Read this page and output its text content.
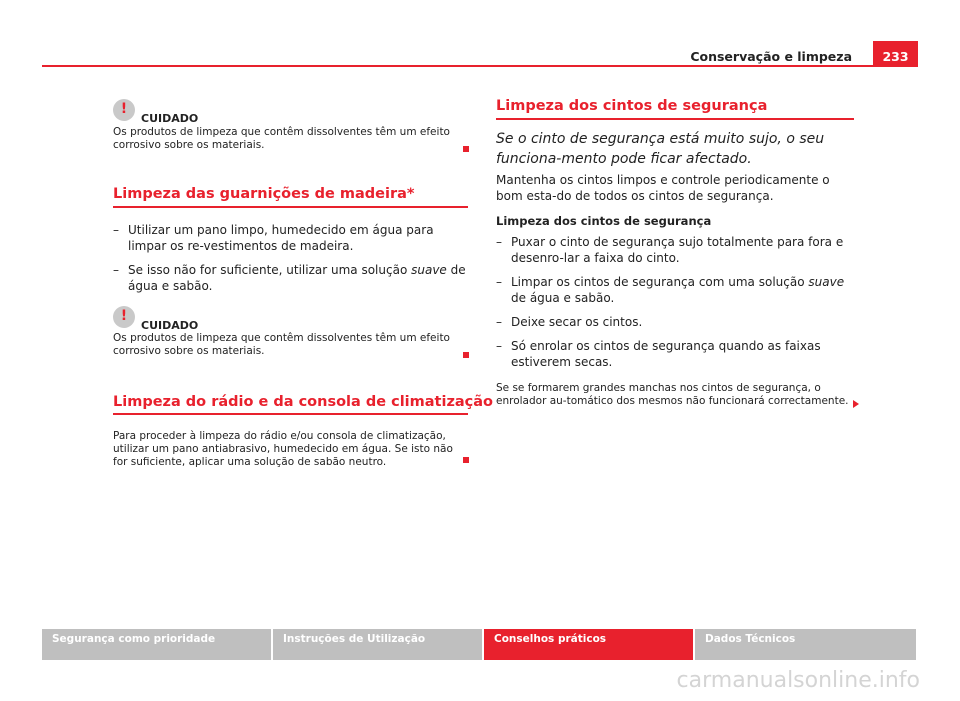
Conservação e limpeza	233
!
CUIDADO
Os produtos de limpeza que contêm dissolventes têm um efeito corrosivo sobre os materiais.
Limpeza das guarnições de madeira*
– Utilizar um pano limpo, humedecido em água para limpar os re-vestimentos de madeira.
– Se isso não for suficiente, utilizar uma solução suave de água e sabão.
!
CUIDADO
Os produtos de limpeza que contêm dissolventes têm um efeito corrosivo sobre os materiais.
Limpeza do rádio e da consola de climatização
Para proceder à limpeza do rádio e/ou consola de climatização, utilizar um pano antiabrasivo, humedecido em água. Se isto não for suficiente, aplicar uma solução de sabão neutro.
Limpeza dos cintos de segurança
Se o cinto de segurança está muito sujo, o seu funciona-mento pode ficar afectado.
Mantenha os cintos limpos e controle periodicamente o bom esta-do de todos os cintos de segurança.
Limpeza dos cintos de segurança
– Puxar o cinto de segurança sujo totalmente para fora e desenro-lar a faixa do cinto.
– Limpar os cintos de segurança com uma solução suave de água e sabão.
– Deixe secar os cintos.
– Só enrolar os cintos de segurança quando as faixas estiverem secas.
Se se formarem grandes manchas nos cintos de segurança, o enrolador au-tomático dos mesmos não funcionará correctamente.
Segurança como prioridade	Instruções de Utilização	Conselhos práticos	Dados Técnicos
carmanualsonline.info
